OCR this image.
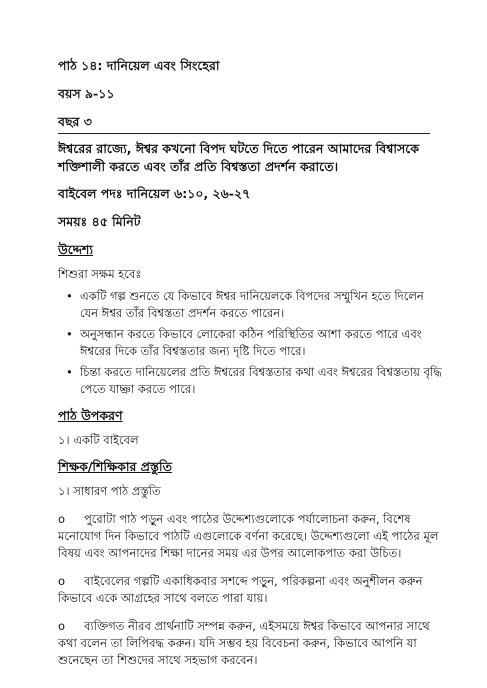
পাঠ ১৪: দানিয়েল এবং সিংহেরা
বয়স ৯-১১
বছর ৩
ঈশ্বরের রাজ্যে, ঈশ্বর কখনো বিপদ ঘটতে দিতে পারেন আমাদের বিশ্বাসকে শক্তিশালী করতে এবং তাঁর প্রতি বিশ্বস্ততা প্রদর্শন করাতে।
বাইবেল পদঃ দানিয়েল ৬:১০, ২৬-২৭
সময়ঃ ৪৫ মিনিট
উদ্দেশ্য
শিশুরা সক্ষম হবেঃ
• একটি গল্প শুনতে যে কিভাবে ঈশ্বর দানিয়েলকে বিপদের সম্মুখিন হতে দিলেন যেন ঈশ্বর তাঁর বিশ্বস্ততা প্রদর্শন করতে পারেন।
• অনুসন্ধান করতে কিভাবে লোকেরা কঠিন পরিস্থিতির আশা করতে পারে এবং ঈশ্বরের দিকে তাঁর বিশ্বস্ততার জন্য দৃষ্টি দিতে পারে।
• চিন্তা করতে দানিয়েলের প্রতি ঈশ্বরের বিশ্বস্ততার কথা এবং ঈশ্বরের বিশ্বস্ততায় বৃদ্ধি পেতে যাচ্ঞা করতে পারে।
পাঠ উপকরণ
১। একটি বাইবেল
শিক্ষক/শিক্ষিকার প্রস্তুতি
১। সাধারণ পাঠ প্রস্তুতি
o পুরোটা পাঠ পড়ুন এবং পাঠের উদ্দেশ্যগুলোকে পর্যালোচনা করুন, বিশেষ মনোযোগ দিন কিভাবে পাঠটি এগুলোকে বর্ণনা করেছে। উদ্দেশ্যগুলো এই পাঠের মূল বিষয় এবং আপনাদের শিক্ষা দানের সময় এর উপর আলোকপাত করা উচিত।
o বাইবেলের গল্পটি একাধিকবার সশব্দে পড়ুন, পরিকল্পনা এবং অনুশীলন করুন কিভাবে একে আগ্রহের সাথে বলতে পারা যায়।
o ব্যক্তিগত নীরব প্রার্থনাটি সম্পন্ন করুন, এইসময়ে ঈশ্বর কিভাবে আপনার সাথে কথা বলেন তা লিপিবদ্ধ করুন। যদি সম্ভব হয় বিবেচনা করুন, কিভাবে আপনি যা শুনেছেন তা শিশুদের সাথে সহভাগ করবেন।
